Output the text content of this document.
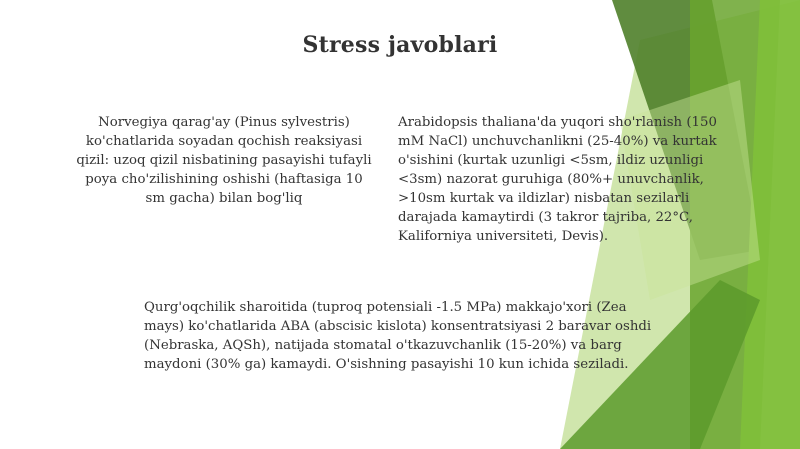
Stress javoblari
Norvegiya qarag'ay (Pinus sylvestris) ko'chatlarida soyadan qochish reaksiyasi qizil: uzoq qizil nisbatining pasayishi tufayli poya cho'zilishining oshishi (haftasiga 10 sm gacha) bilan bog'liq
Arabidopsis thaliana'da yuqori sho'rlanish (150 mM NaCl) unchuvchanlikni (25-40%) va kurtak o'sishini (kurtak uzunligi <5sm, ildiz uzunligi <3sm) nazorat guruhiga (80%+ unuvchanlik, >10sm kurtak va ildizlar) nisbatan sezilarli darajada kamaytirdi (3 takror tajriba, 22°C, Kaliforniya universiteti, Devis).
Qurg'oqchilik sharoitida (tuproq potensiali -1.5 MPa) makkajo'xori (Zea mays) ko'chatlarida ABA (abscisic kislota) konsentratsiyasi 2 baravar oshdi (Nebraska, AQSh), natijada stomatal o'tkazuvchanlik (15-20%) va barg maydoni (30% ga) kamaydi. O'sishning pasayishi 10 kun ichida seziladi.
